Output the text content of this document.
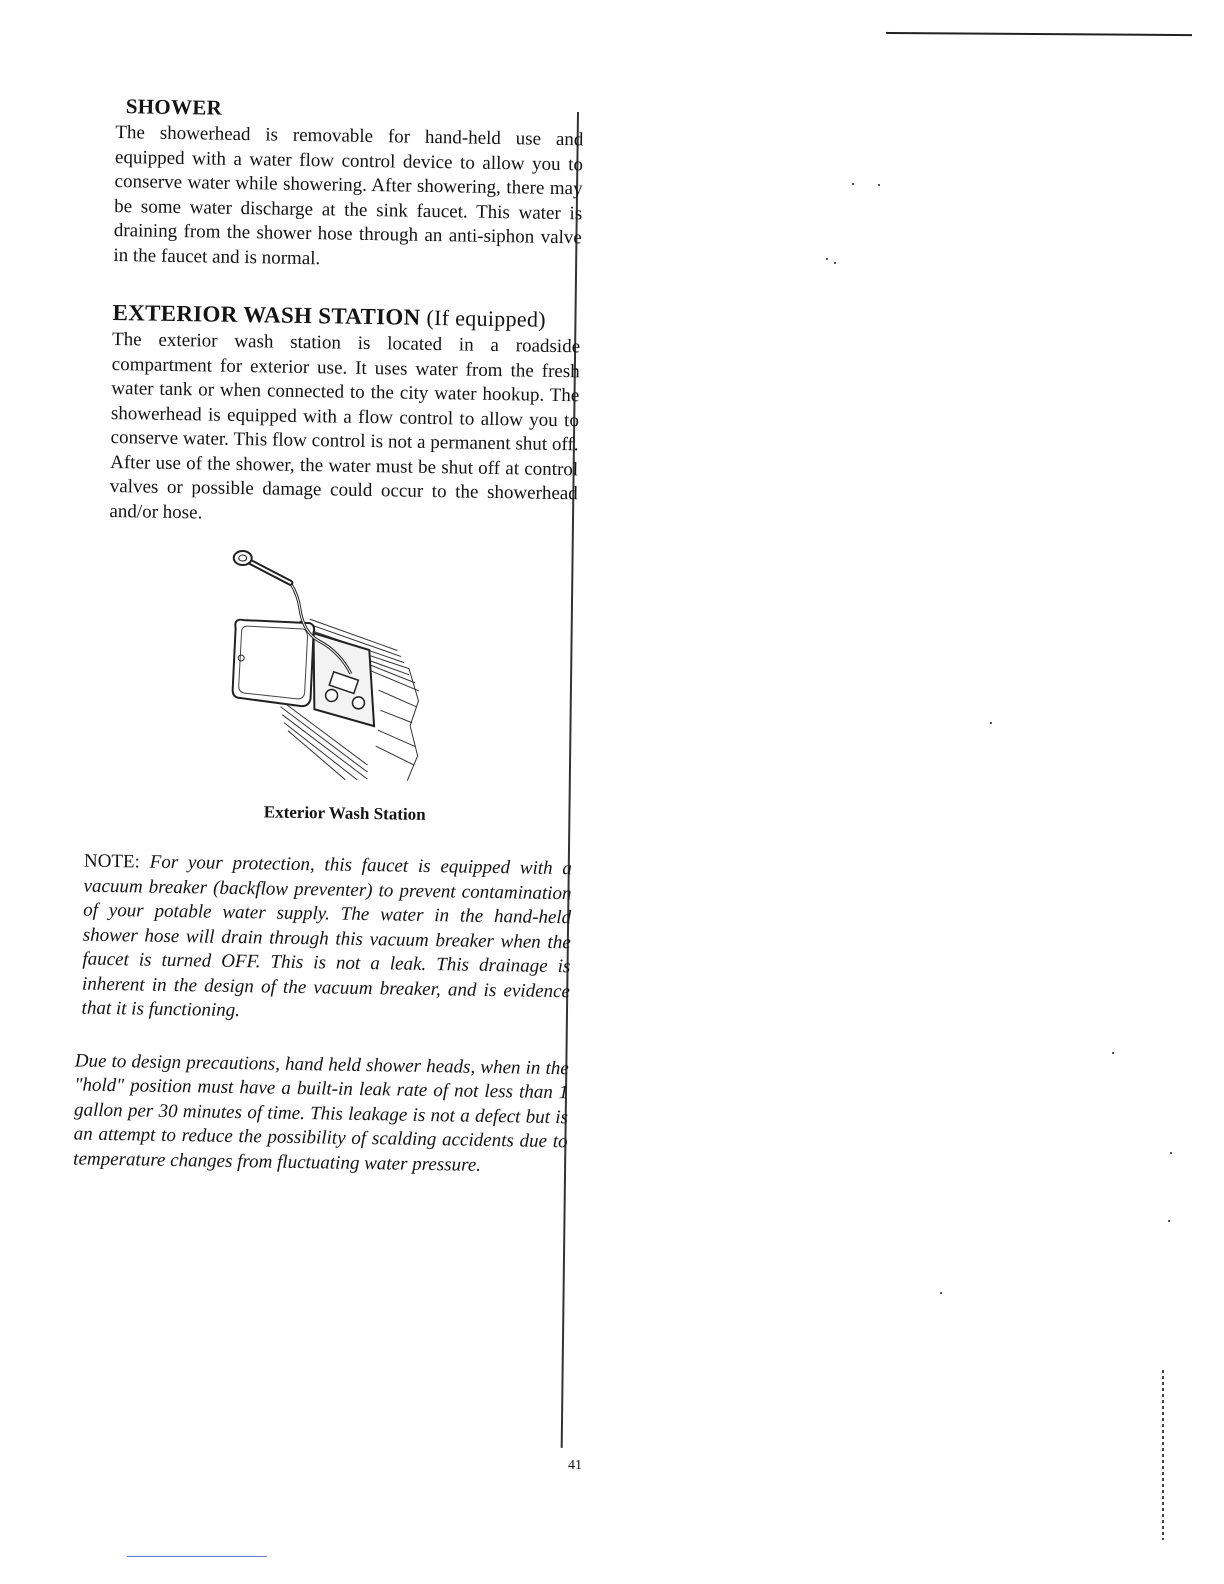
SHOWER

The showerhead is removable for hand-held use and equipped with a water flow control device to allow you to conserve water while showering. After showering, there may be some water discharge at the sink faucet. This water is draining from the shower hose through an anti-siphon valve in the faucet and is normal.

EXTERIOR WASH STATION (If equipped)

The exterior wash station is located in a roadside compartment for exterior use. It uses water from the fresh water tank or when connected to the city water hookup. The showerhead is equipped with a flow control to allow you to conserve water. This flow control is not a permanent shut off. After use of the shower, the water must be shut off at control valves or possible damage could occur to the showerhead and/or hose.

Exterior Wash Station
NOTE: For your protection, this faucet is equipped with a vacuum breaker (backflow preventer) to prevent contamination of your potable water supply. The water in the hand-held shower hose will drain through this vacuum breaker when the faucet is turned OFF. This is not a leak. This drainage is inherent in the design of the vacuum breaker, and is evidence that it is functioning.
Due to design precautions, hand held shower heads, when in the "hold" position must have a built-in leak rate of not less than 1 gallon per 30 minutes of time. This leakage is not a defect but is an attempt to reduce the possibility of scalding accidents due to temperature changes from fluctuating water pressure.
41
